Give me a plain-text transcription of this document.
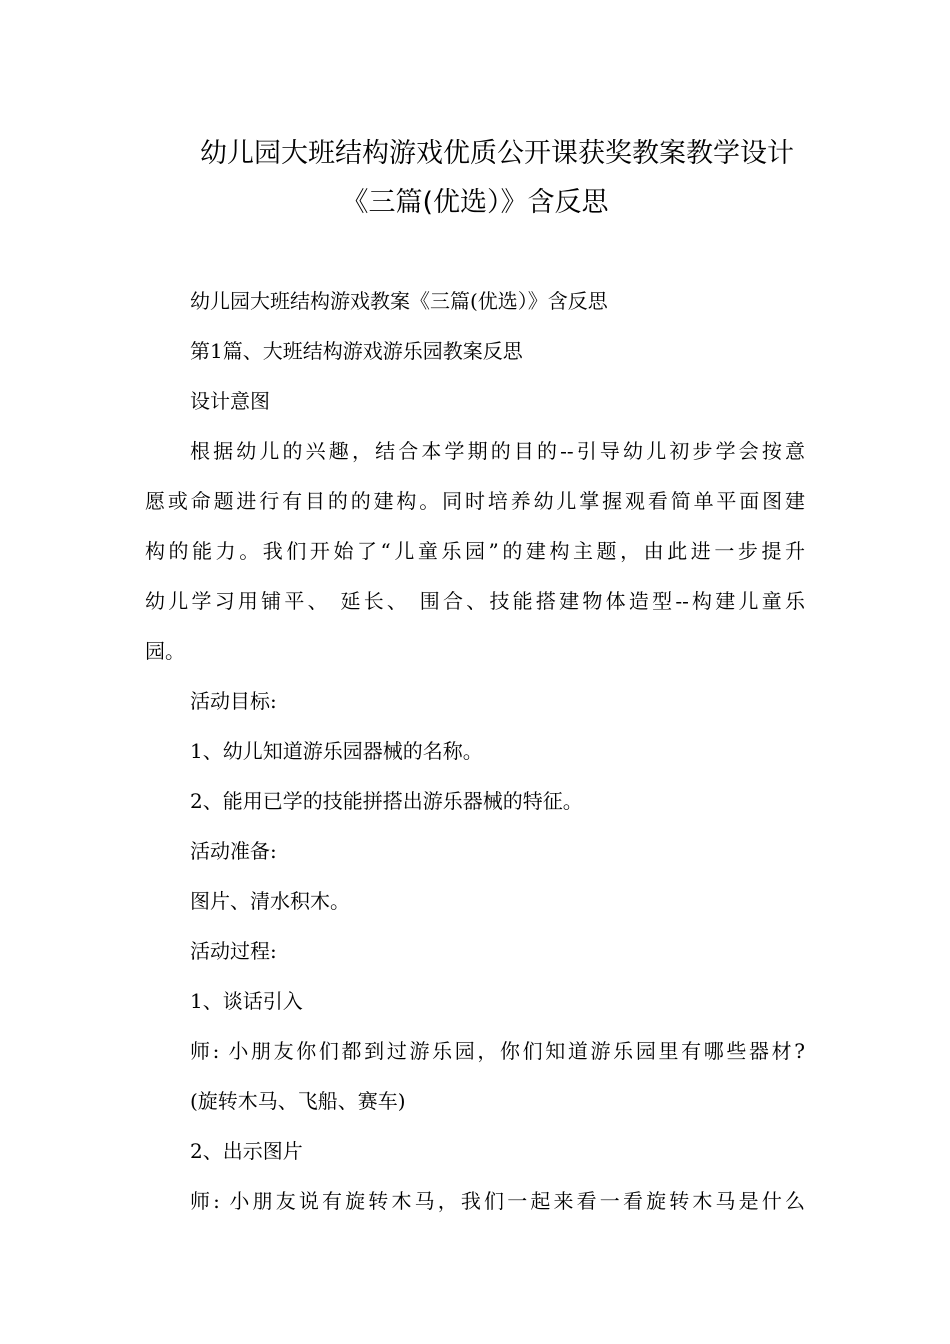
幼儿园大班结构游戏优质公开课获奖教案教学设计
《三篇(优选）》含反思
幼儿园大班结构游戏教案《三篇(优选）》含反思
第1篇、大班结构游戏游乐园教案反思
设计意图
根据幼儿的兴趣，结合本学期的目的--引导幼儿初步学会按意
愿或命题进行有目的的建构。同时培养幼儿掌握观看简单平面图建
构的能力。我们开始了“儿童乐园”的建构主题，由此进一步提升
幼儿学习用铺平、 延长、 围合、技能搭建物体造型--构建儿童乐
园。
活动目标:
1、幼儿知道游乐园器械的名称。
2、能用已学的技能拼搭出游乐器械的特征。
活动准备:
图片、清水积木。
活动过程:
1、谈话引入
师: 小朋友你们都到过游乐园，你们知道游乐园里有哪些器材?
(旋转木马、飞船、赛车)
2、出示图片
师: 小朋友说有旋转木马，我们一起来看一看旋转木马是什么
